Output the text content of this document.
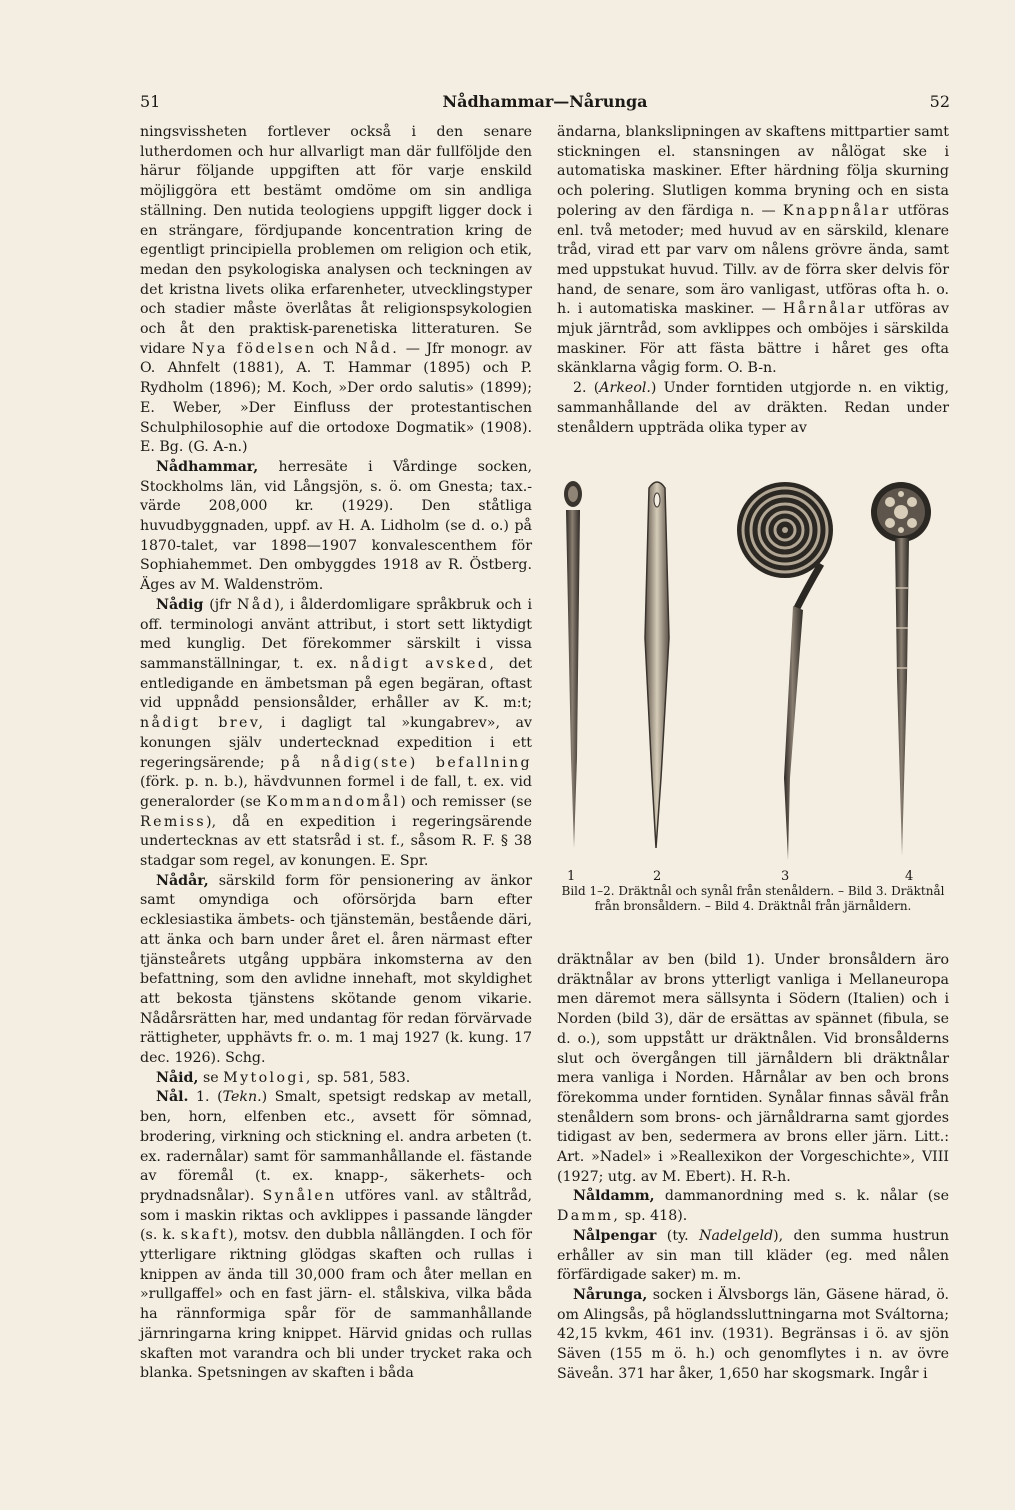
51	Nådhammar—Nårunga	52

ningsvissheten fortlever också i den senare lutherdomen och hur allvarligt man där fullföljde den härur följande uppgiften att för varje enskild möjliggöra ett bestämt omdöme om sin andliga ställning. Den nutida teologiens uppgift ligger dock i en strängare, fördjupande koncentration kring de egentligt principiella problemen om religion och etik, medan den psykologiska analysen och teckningen av det kristna livets olika erfarenheter, utvecklingstyper och stadier måste överlåtas åt religionspsykologien och åt den praktisk-parenetiska litteraturen. Se vidare Nya födelsen och Nåd. — Jfr monogr. av O. Ahnfelt (1881), A. T. Hammar (1895) och P. Rydholm (1896); M. Koch, »Der ordo salutis» (1899); E. Weber, »Der Einfluss der protestantischen Schulphilosophie auf die ortodoxe Dogmatik» (1908). E. Bg. (G. A-n.)

Nådhammar, herresäte i Vårdinge socken, Stockholms län, vid Långsjön, s. ö. om Gnesta; tax.-värde 208,000 kr. (1929). Den ståtliga huvudbyggnaden, uppf. av H. A. Lidholm (se d. o.) på 1870-talet, var 1898—1907 konvalescenthem för Sophiahemmet. Den ombyggdes 1918 av R. Östberg. Äges av M. Waldenström.

Nådig (jfr Nåd), i ålderdomligare språkbruk och i off. terminologi använt attribut, i stort sett liktydigt med kunglig. Det förekommer särskilt i vissa sammanställningar, t. ex. nådigt avsked, det entledigande en ämbetsman på egen begäran, oftast vid uppnådd pensionsålder, erhåller av K. m:t; nådigt brev, i dagligt tal »kungabrev», av konungen själv undertecknad expedition i ett regeringsärende; på nådig(ste) befallning (förk. p. n. b.), hävdvunnen formel i de fall, t. ex. vid generalorder (se Kommandomål) och remisser (se Remiss), då en expedition i regeringsärende undertecknas av ett statsråd i st. f., såsom R. F. § 38 stadgar som regel, av konungen. E. Spr.

Nådår, särskild form för pensionering av änkor samt omyndiga och oförsörjda barn efter ecklesiastika ämbets- och tjänstemän, bestående däri, att änka och barn under året el. åren närmast efter tjänsteårets utgång uppbära inkomsterna av den befattning, som den avlidne innehaft, mot skyldighet att bekosta tjänstens skötande genom vikarie. Nådårsrätten har, med undantag för redan förvärvade rättigheter, upphävts fr. o. m. 1 maj 1927 (k. kung. 17 dec. 1926). Schg.

Nåid, se Mytologi, sp. 581, 583.

Nål. 1. (Tekn.) Smalt, spetsigt redskap av metall, ben, horn, elfenben etc., avsett för sömnad, brodering, virkning och stickning el. andra arbeten (t. ex. radernålar) samt för sammanhållande el. fästande av föremål (t. ex. knapp-, säkerhets- och prydnadsnålar). Synålen utföres vanl. av ståltråd, som i maskin riktas och avklippes i passande längder (s. k. skaft), motsv. den dubbla nållängden. I och för ytterligare riktning glödgas skaften och rullas i knippen av ända till 30,000 fram och åter mellan en »rullgaffel» och en fast järn- el. stålskiva, vilka båda ha rännformiga spår för de sammanhållande järnringarna kring knippet. Härvid gnidas och rullas skaften mot varandra och bli under trycket raka och blanka. Spetsningen av skaften i båda

ändarna, blankslipningen av skaftens mittpartier samt stickningen el. stansningen av nålögat ske i automatiska maskiner. Efter härdning följa skurning och polering. Slutligen komma bryning och en sista polering av den färdiga n. — Knappnålar utföras enl. två metoder; med huvud av en särskild, klenare tråd, virad ett par varv om nålens grövre ända, samt med uppstukat huvud. Tillv. av de förra sker delvis för hand, de senare, som äro vanligast, utföras ofta h. o. h. i automatiska maskiner. — Hårnålar utföras av mjuk järntråd, som avklippes och omböjes i särskilda maskiner. För att fästa bättre i håret ges ofta skänklarna vågig form. O. B-n.

2. (Arkeol.) Under forntiden utgjorde n. en viktig, sammanhållande del av dräkten. Redan under stenåldern uppträda olika typer av

1	2	3	4
Bild 1–2. Dräktnål och synål från stenåldern. – Bild 3. Dräktnål från bronsåldern. – Bild 4. Dräktnål från järnåldern.

dräktnålar av ben (bild 1). Under bronsåldern äro dräktnålar av brons ytterligt vanliga i Mellaneuropa men däremot mera sällsynta i Södern (Italien) och i Norden (bild 3), där de ersättas av spännet (fibula, se d. o.), som uppstått ur dräktnålen. Vid bronsålderns slut och övergången till järnåldern bli dräktnålar mera vanliga i Norden. Hårnålar av ben och brons förekomma under forntiden. Synålar finnas såväl från stenåldern som brons- och järnåldrarna samt gjordes tidigast av ben, sedermera av brons eller järn. Litt.: Art. »Nadel» i »Reallexikon der Vorgeschichte», VIII (1927; utg. av M. Ebert). H. R-h.

Nåldamm, dammanordning med s. k. nålar (se Damm, sp. 418).

Nålpengar (ty. Nadelgeld), den summa hustrun erhåller av sin man till kläder (eg. med nålen förfärdigade saker) m. m.

Nårunga, socken i Älvsborgs län, Gäsene härad, ö. om Alingsås, på höglandssluttningarna mot Sváltorna; 42,15 kvkm, 461 inv. (1931). Begränsas i ö. av sjön Säven (155 m ö. h.) och genomflytes i n. av övre Säveån. 371 har åker, 1,650 har skogsmark. Ingår i
